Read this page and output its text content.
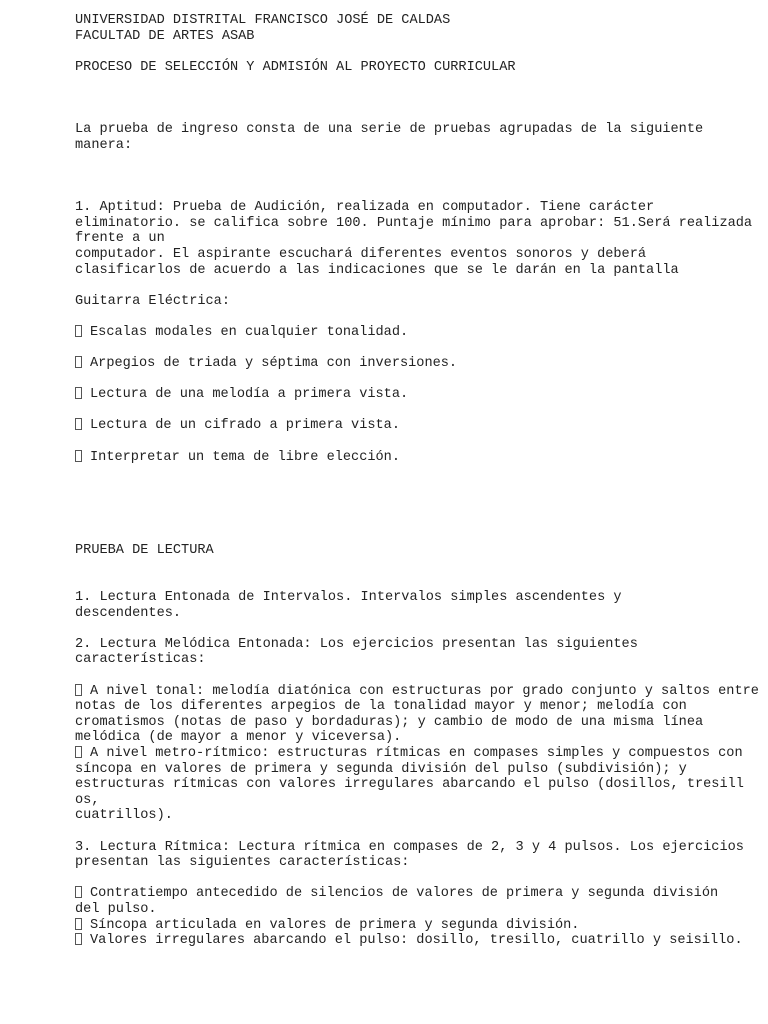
UNIVERSIDAD DISTRITAL FRANCISCO JOSÉ DE CALDAS
FACULTAD DE ARTES ASAB
PROCESO DE SELECCIÓN Y ADMISIÓN AL PROYECTO CURRICULAR
La prueba de ingreso consta de una serie de pruebas agrupadas de la siguiente
manera:
1. Aptitud: Prueba de Audición, realizada en computador. Tiene carácter
eliminatorio. se califica sobre 100. Puntaje mínimo para aprobar: 51.Será realizada
frente a un
computador. El aspirante escuchará diferentes eventos sonoros y deberá
clasificarlos de acuerdo a las indicaciones que se le darán en la pantalla
Guitarra Eléctrica:
Escalas modales en cualquier tonalidad.
Arpegios de triada y séptima con inversiones.
Lectura de una melodía a primera vista.
Lectura de un cifrado a primera vista.
Interpretar un tema de libre elección.
PRUEBA DE LECTURA
1. Lectura Entonada de Intervalos. Intervalos simples ascendentes y
descendentes.
2. Lectura Melódica Entonada: Los ejercicios presentan las siguientes
características:
A nivel tonal: melodía diatónica con estructuras por grado conjunto y saltos entre
notas de los diferentes arpegios de la tonalidad mayor y menor; melodía con
cromatismos (notas de paso y bordaduras); y cambio de modo de una misma línea
melódica (de mayor a menor y viceversa).
A nivel metro-rítmico: estructuras rítmicas en compases simples y compuestos con
síncopa en valores de primera y segunda división del pulso (subdivisión); y
estructuras rítmicas con valores irregulares abarcando el pulso (dosillos, tresill
os,
cuatrillos).
3. Lectura Rítmica: Lectura rítmica en compases de 2, 3 y 4 pulsos. Los ejercicios
presentan las siguientes características:
Contratiempo antecedido de silencios de valores de primera y segunda división
del pulso.
Síncopa articulada en valores de primera y segunda división.
Valores irregulares abarcando el pulso: dosillo, tresillo, cuatrillo y seisillo.
